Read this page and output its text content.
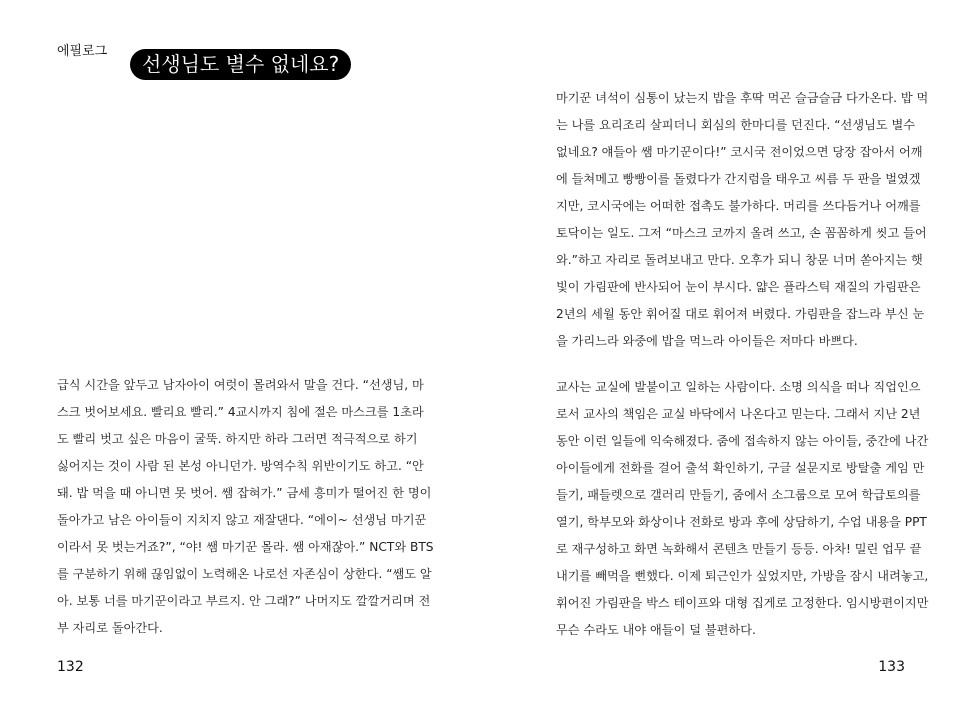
에필로그
선생님도 별수 없네요?
급식 시간을 앞두고 남자아이 여럿이 몰려와서 말을 건다. “선생님, 마
스크 벗어보세요. 빨리요 빨리.” 4교시까지 침에 절은 마스크를 1초라
도 빨리 벗고 싶은 마음이 굴뚝. 하지만 하라 그러면 적극적으로 하기
싫어지는 것이 사람 된 본성 아니던가. 방역수칙 위반이기도 하고. “안
돼. 밥 먹을 때 아니면 못 벗어. 쌤 잡혀가.” 금세 흥미가 떨어진 한 명이
돌아가고 남은 아이들이 지치지 않고 재잘댄다. “에이~ 선생님 마기꾼
이라서 못 벗는거죠?”, “야! 쌤 마기꾼 몰라. 쌤 아재잖아.” NCT와 BTS
를 구분하기 위해 끊임없이 노력해온 나로선 자존심이 상한다. “쌤도 알
아. 보통 너를 마기꾼이라고 부르지. 안 그래?” 나머지도 깔깔거리며 전
부 자리로 돌아간다.
132
마기꾼 녀석이 심통이 났는지 밥을 후딱 먹곤 슬금슬금 다가온다. 밥 먹
는 나를 요리조리 살피더니 회심의 한마디를 던진다. “선생님도 별수
없네요? 얘들아 쌤 마기꾼이다!” 코시국 전이었으면 당장 잡아서 어깨
에 들쳐메고 빵빵이를 돌렸다가 간지럼을 태우고 씨름 두 판을 벌였겠
지만, 코시국에는 어떠한 접촉도 불가하다. 머리를 쓰다듬거나 어깨를
토닥이는 일도. 그저 “마스크 코까지 올려 쓰고, 손 꼼꼼하게 씻고 들어
와.”하고 자리로 돌려보내고 만다. 오후가 되니 창문 너머 쏟아지는 햇
빛이 가림판에 반사되어 눈이 부시다. 얇은 플라스틱 재질의 가림판은
2년의 세월 동안 휘어질 대로 휘어져 버렸다. 가림판을 잡느라 부신 눈
을 가리느라 와중에 밥을 먹느라 아이들은 저마다 바쁘다.
교사는 교실에 발붙이고 일하는 사람이다. 소명 의식을 떠나 직업인으
로서 교사의 책임은 교실 바닥에서 나온다고 믿는다. 그래서 지난 2년
동안 이런 일들에 익숙해졌다. 줌에 접속하지 않는 아이들, 중간에 나간
아이들에게 전화를 걸어 출석 확인하기, 구글 설문지로 방탈출 게임 만
들기, 패들렛으로 갤러리 만들기, 줌에서 소그룹으로 모여 학급토의를
열기, 학부모와 화상이나 전화로 방과 후에 상담하기, 수업 내용을 PPT
로 재구성하고 화면 녹화해서 콘텐츠 만들기 등등. 아차! 밀린 업무 끝
내기를 빼먹을 뻔했다. 이제 퇴근인가 싶었지만, 가방을 잠시 내려놓고,
휘어진 가림판을 박스 테이프와 대형 집게로 고정한다. 임시방편이지만
무슨 수라도 내야 애들이 덜 불편하다.
133
